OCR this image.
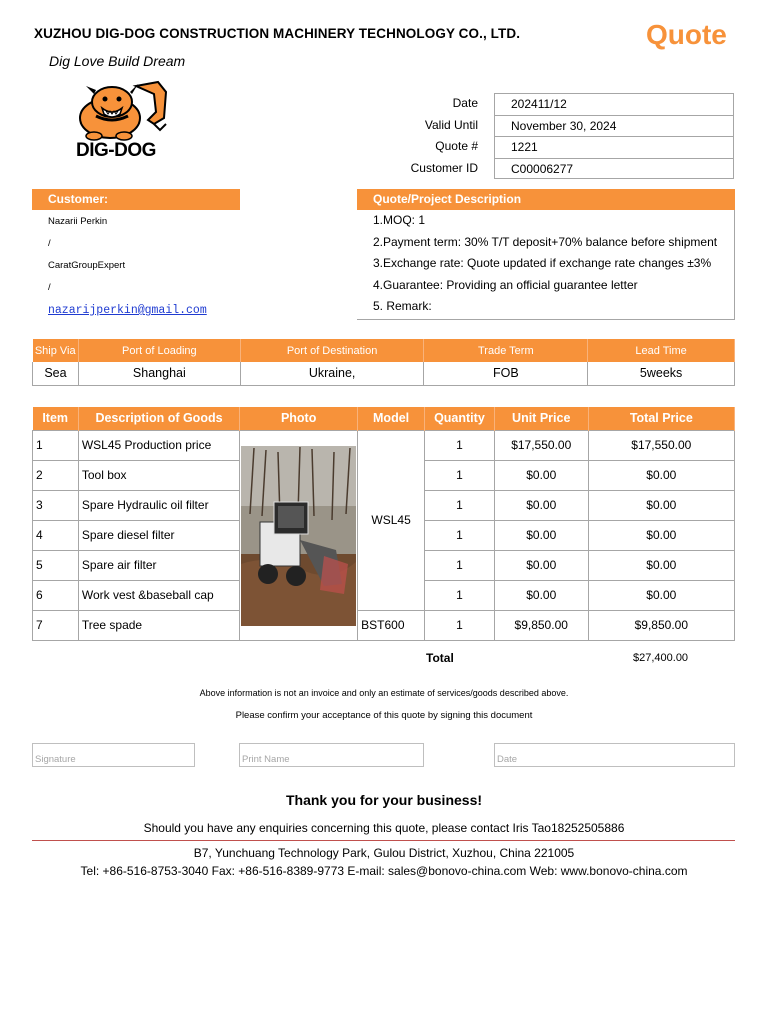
XUZHOU DIG-DOG CONSTRUCTION MACHINERY TECHNOLOGY CO., LTD.	Quote
Dig Love Build Dream
DIG-DOG
Date	202411/12
Valid Until	November 30, 2024
Quote #	1221
Customer ID	C00006277
Customer:
Nazarii Perkin
/
CaratGroupExpert
/
nazarijperkin@gmail.com
Quote/Project Description
1.MOQ: 1
2.Payment term: 30% T/T deposit+70% balance before shipment
3.Exchange rate: Quote updated if exchange rate changes ±3%
4.Guarantee: Providing an official guarantee letter
5. Remark:
Ship Via	Port of Loading	Port of Destination	Trade Term	Lead Time
Sea	Shanghai	Ukraine,	FOB	5weeks
Item	Description of Goods	Photo	Model	Quantity	Unit Price	Total Price
1	WSL45 Production price		WSL45	1	$17,550.00	$17,550.00
2	Tool box			1	$0.00	$0.00
3	Spare Hydraulic oil filter			1	$0.00	$0.00
4	Spare diesel filter			1	$0.00	$0.00
5	Spare air filter			1	$0.00	$0.00
6	Work vest &baseball cap			1	$0.00	$0.00
7	Tree spade		BST600	1	$9,850.00	$9,850.00
Total	$27,400.00
Above information is not an invoice and only an estimate of services/goods described above.
Please confirm your acceptance of this quote by signing this document
Signature	Print Name	Date
Thank you for your business!
Should you have any enquiries concerning this quote, please contact Iris Tao18252505886
B7, Yunchuang Technology Park, Gulou District, Xuzhou, China 221005
Tel: +86-516-8753-3040 Fax: +86-516-8389-9773 E-mail: sales@bonovo-china.com Web: www.bonovo-china.com
